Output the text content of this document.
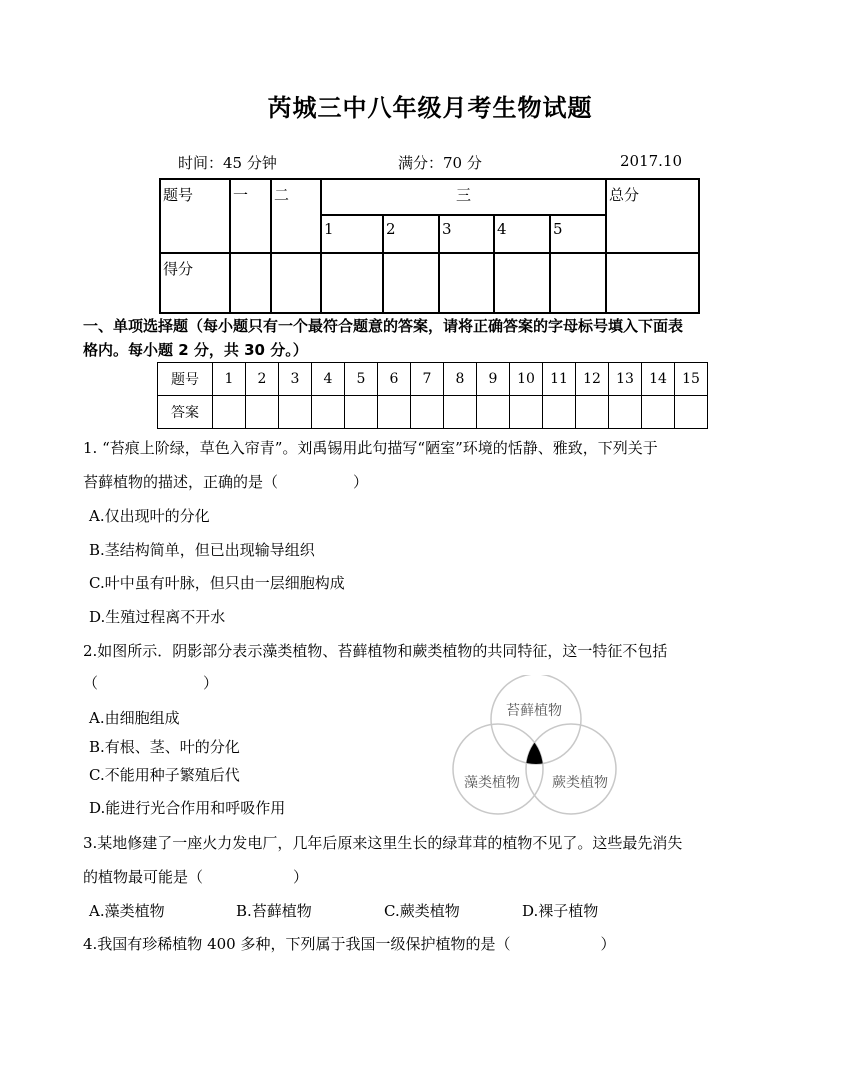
芮城三中八年级月考生物试题
时间：45 分钟	满分：70 分	2017.10
题号	一	二	三					总分
			1	2	3	4	5	
得分								
一、单项选择题（每小题只有一个最符合题意的答案，请将正确答案的字母标号填入下面表
格内。每小题 2 分，共 30 分。）
题号	1	2	3	4	5	6	7	8	9	10	11	12	13	14	15
答案															
1. “苔痕上阶绿，草色入帘青”。刘禹锡用此句描写“陋室”环境的恬静、雅致，下列关于
苔藓植物的描述，正确的是（　　　　　）
A.仅出现叶的分化
B.茎结构简单，但已出现输导组织
C.叶中虽有叶脉，但只由一层细胞构成
D.生殖过程离不开水
2.如图所示．阴影部分表示藻类植物、苔藓植物和蕨类植物的共同特征，这一特征不包括
（　　　　　　　）
A.由细胞组成
B.有根、茎、叶的分化
C.不能用种子繁殖后代
D.能进行光合作用和呼吸作用
苔藓植物
藻类植物 蕨类植物
3.某地修建了一座火力发电厂，几年后原来这里生长的绿茸茸的植物不见了。这些最先消失
的植物最可能是（　　　　　　）
A.藻类植物	B.苔藓植物	C.蕨类植物	D.裸子植物
4.我国有珍稀植物 400 多种，下列属于我国一级保护植物的是（　　　　　　）
